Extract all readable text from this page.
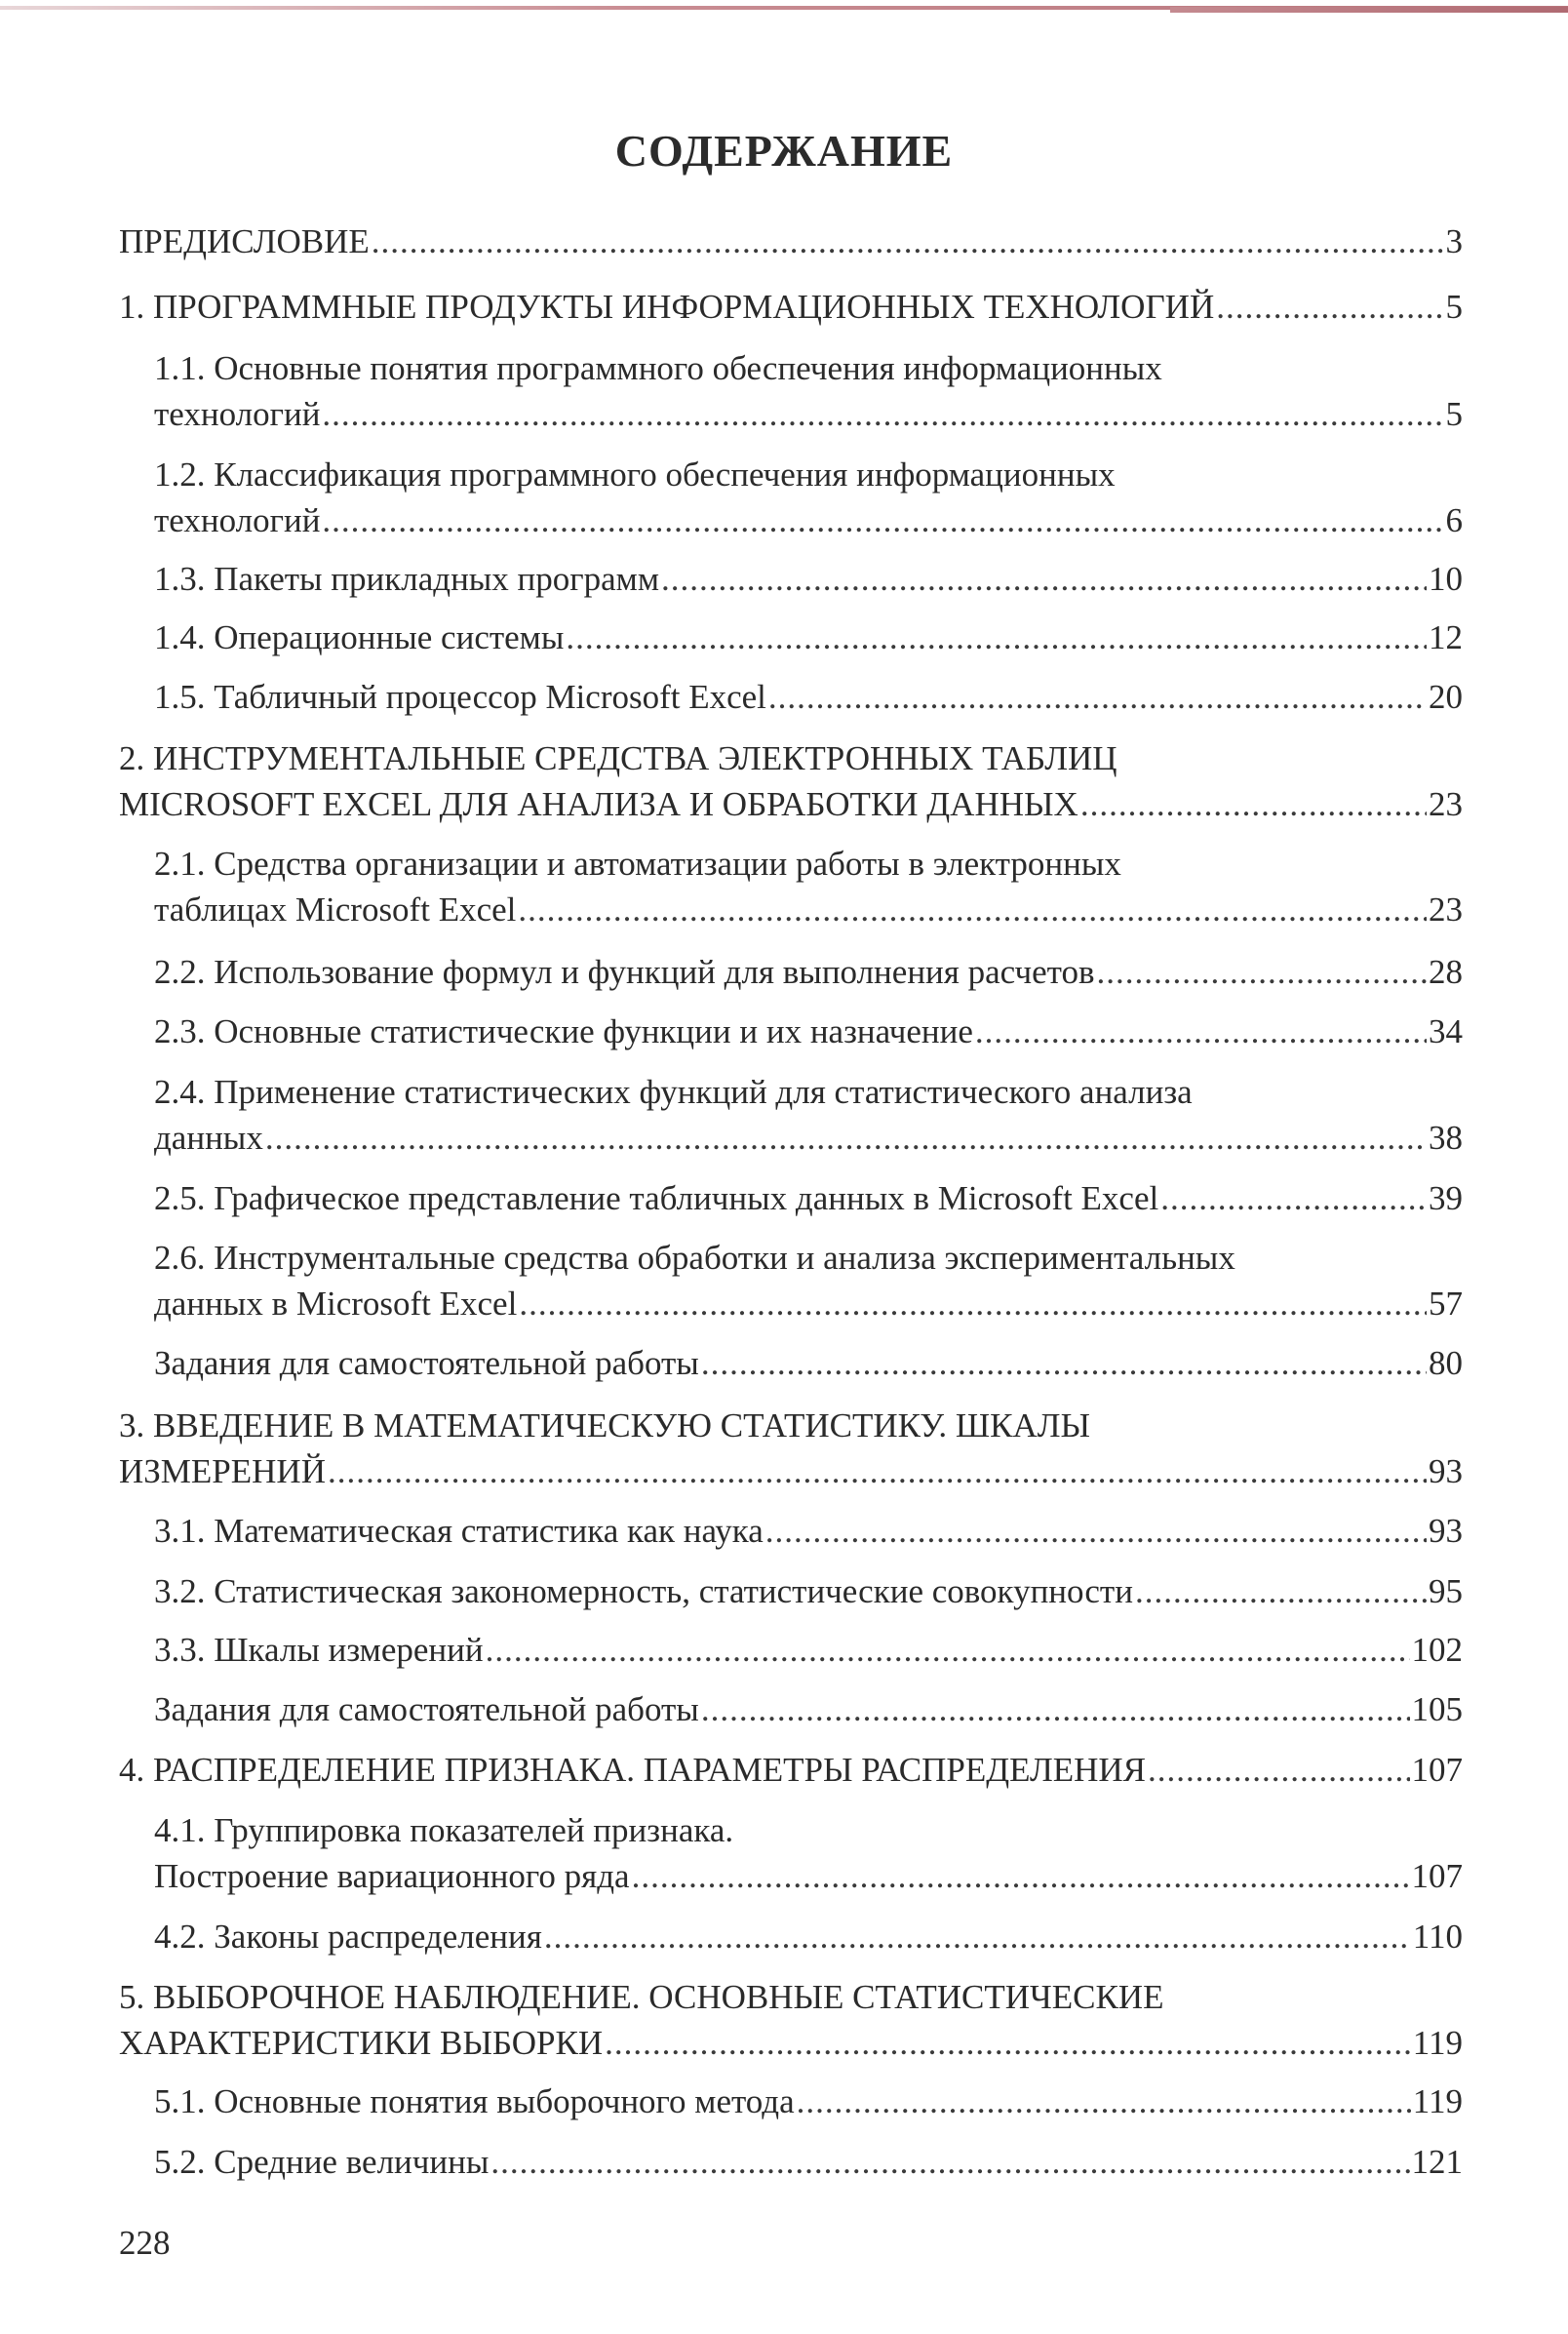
СОДЕРЖАНИЕ
ПРЕДИСЛОВИЕ .....	3
1. ПРОГРАММНЫЕ ПРОДУКТЫ ИНФОРМАЦИОННЫХ ТЕХНОЛОГИЙ .....	5
1.1. Основные понятия программного обеспечения информационных
технологий .....	5
1.2. Классификация программного обеспечения информационных
технологий .....	6
1.3. Пакеты прикладных программ .....	10
1.4. Операционные системы .....	12
1.5. Табличный процессор Microsoft Excel .....	20
2. ИНСТРУМЕНТАЛЬНЫЕ СРЕДСТВА ЭЛЕКТРОННЫХ ТАБЛИЦ
MICROSOFT EXCEL ДЛЯ АНАЛИЗА И ОБРАБОТКИ ДАННЫХ .....	23
2.1. Средства организации и автоматизации работы в электронных
таблицах Microsoft Excel .....	23
2.2. Использование формул и функций для выполнения расчетов .....	28
2.3. Основные статистические функции и их назначение .....	34
2.4. Применение статистических функций для статистического анализа
данных .....	38
2.5. Графическое представление табличных данных в Microsoft Excel .....	39
2.6. Инструментальные средства обработки и анализа экспериментальных
данных в Microsoft Excel .....	57
Задания для самостоятельной работы .....	80
3. ВВЕДЕНИЕ В МАТЕМАТИЧЕСКУЮ СТАТИСТИКУ. ШКАЛЫ
ИЗМЕРЕНИЙ .....	93
3.1. Математическая статистика как наука .....	93
3.2. Статистическая закономерность, статистические совокупности .....	95
3.3. Шкалы измерений .....	102
Задания для самостоятельной работы .....	105
4. РАСПРЕДЕЛЕНИЕ ПРИЗНАКА. ПАРАМЕТРЫ РАСПРЕДЕЛЕНИЯ .....	107
4.1. Группировка показателей признака.
Построение вариационного ряда .....	107
4.2. Законы распределения .....	110
5. ВЫБОРОЧНОЕ НАБЛЮДЕНИЕ. ОСНОВНЫЕ СТАТИСТИЧЕСКИЕ
ХАРАКТЕРИСТИКИ ВЫБОРКИ .....	119
5.1. Основные понятия выборочного метода .....	119
5.2. Средние величины .....	121
228
